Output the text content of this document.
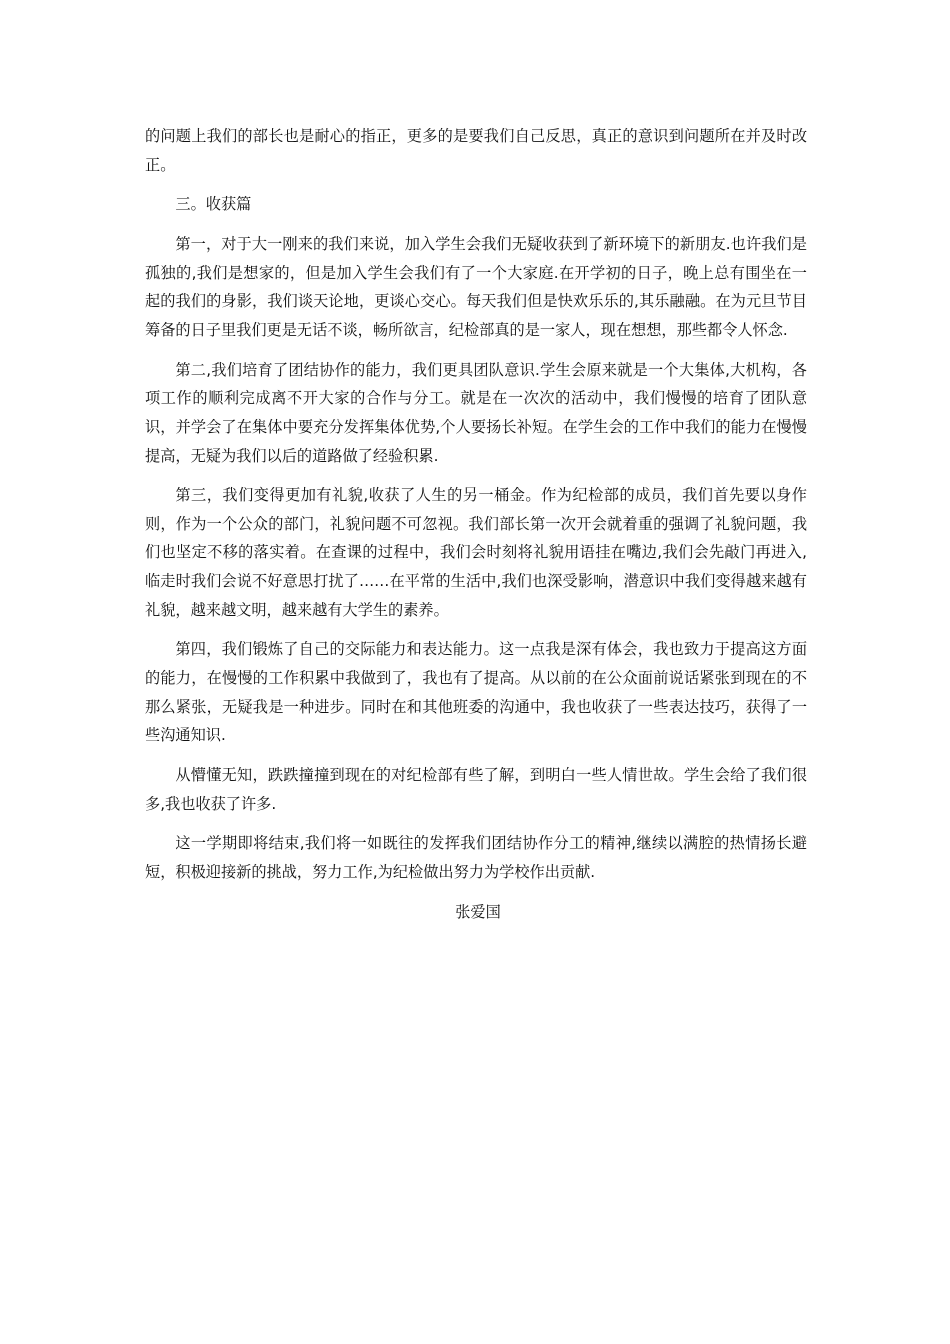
的问题上我们的部长也是耐心的指正，更多的是要我们自己反思，真正的意识到问题所在并及时改正。

三。收获篇

第一，对于大一刚来的我们来说，加入学生会我们无疑收获到了新环境下的新朋友.也许我们是孤独的,我们是想家的，但是加入学生会我们有了一个大家庭.在开学初的日子，晚上总有围坐在一起的我们的身影，我们谈天论地，更谈心交心。每天我们但是快欢乐乐的,其乐融融。在为元旦节目筹备的日子里我们更是无话不谈，畅所欲言，纪检部真的是一家人，现在想想，那些都令人怀念.

第二,我们培育了团结协作的能力，我们更具团队意识.学生会原来就是一个大集体,大机构，各项工作的顺利完成离不开大家的合作与分工。就是在一次次的活动中，我们慢慢的培育了团队意识，并学会了在集体中要充分发挥集体优势,个人要扬长补短。在学生会的工作中我们的能力在慢慢提高，无疑为我们以后的道路做了经验积累.

第三，我们变得更加有礼貌,收获了人生的另一桶金。作为纪检部的成员，我们首先要以身作则，作为一个公众的部门，礼貌问题不可忽视。我们部长第一次开会就着重的强调了礼貌问题，我们也坚定不移的落实着。在查课的过程中，我们会时刻将礼貌用语挂在嘴边,我们会先敲门再进入,临走时我们会说不好意思打扰了……在平常的生活中,我们也深受影响，潜意识中我们变得越来越有礼貌，越来越文明，越来越有大学生的素养。

第四，我们锻炼了自己的交际能力和表达能力。这一点我是深有体会，我也致力于提高这方面的能力，在慢慢的工作积累中我做到了，我也有了提高。从以前的在公众面前说话紧张到现在的不那么紧张，无疑我是一种进步。同时在和其他班委的沟通中，我也收获了一些表达技巧，获得了一些沟通知识.

从懵懂无知，跌跌撞撞到现在的对纪检部有些了解，到明白一些人情世故。学生会给了我们很多,我也收获了许多.

这一学期即将结束,我们将一如既往的发挥我们团结协作分工的精神,继续以满腔的热情扬长避短，积极迎接新的挑战，努力工作,为纪检做出努力为学校作出贡献.

张爱国
